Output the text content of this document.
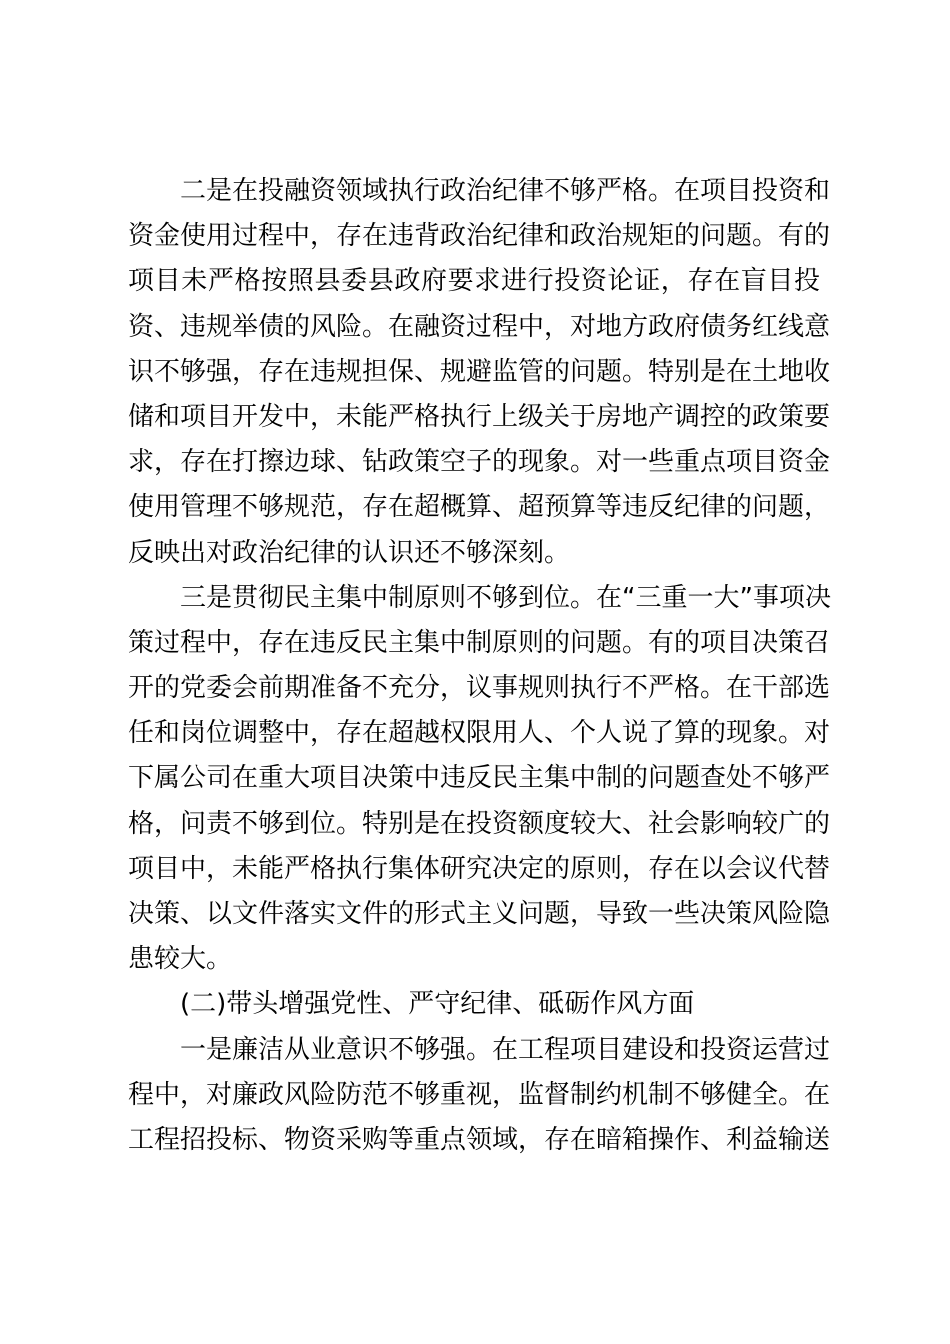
二是在投融资领域执行政治纪律不够严格。在项目投资和
资金使用过程中，存在违背政治纪律和政治规矩的问题。有的
项目未严格按照县委县政府要求进行投资论证，存在盲目投
资、违规举债的风险。在融资过程中，对地方政府债务红线意
识不够强，存在违规担保、规避监管的问题。特别是在土地收
储和项目开发中，未能严格执行上级关于房地产调控的政策要
求，存在打擦边球、钻政策空子的现象。对一些重点项目资金
使用管理不够规范，存在超概算、超预算等违反纪律的问题，
反映出对政治纪律的认识还不够深刻。
三是贯彻民主集中制原则不够到位。在“三重一大”事项决
策过程中，存在违反民主集中制原则的问题。有的项目决策召
开的党委会前期准备不充分，议事规则执行不严格。在干部选
任和岗位调整中，存在超越权限用人、个人说了算的现象。对
下属公司在重大项目决策中违反民主集中制的问题查处不够严
格，问责不够到位。特别是在投资额度较大、社会影响较广的
项目中，未能严格执行集体研究决定的原则，存在以会议代替
决策、以文件落实文件的形式主义问题，导致一些决策风险隐
患较大。
(二)带头增强党性、严守纪律、砥砺作风方面
一是廉洁从业意识不够强。在工程项目建设和投资运营过
程中，对廉政风险防范不够重视，监督制约机制不够健全。在
工程招投标、物资采购等重点领域，存在暗箱操作、利益输送
